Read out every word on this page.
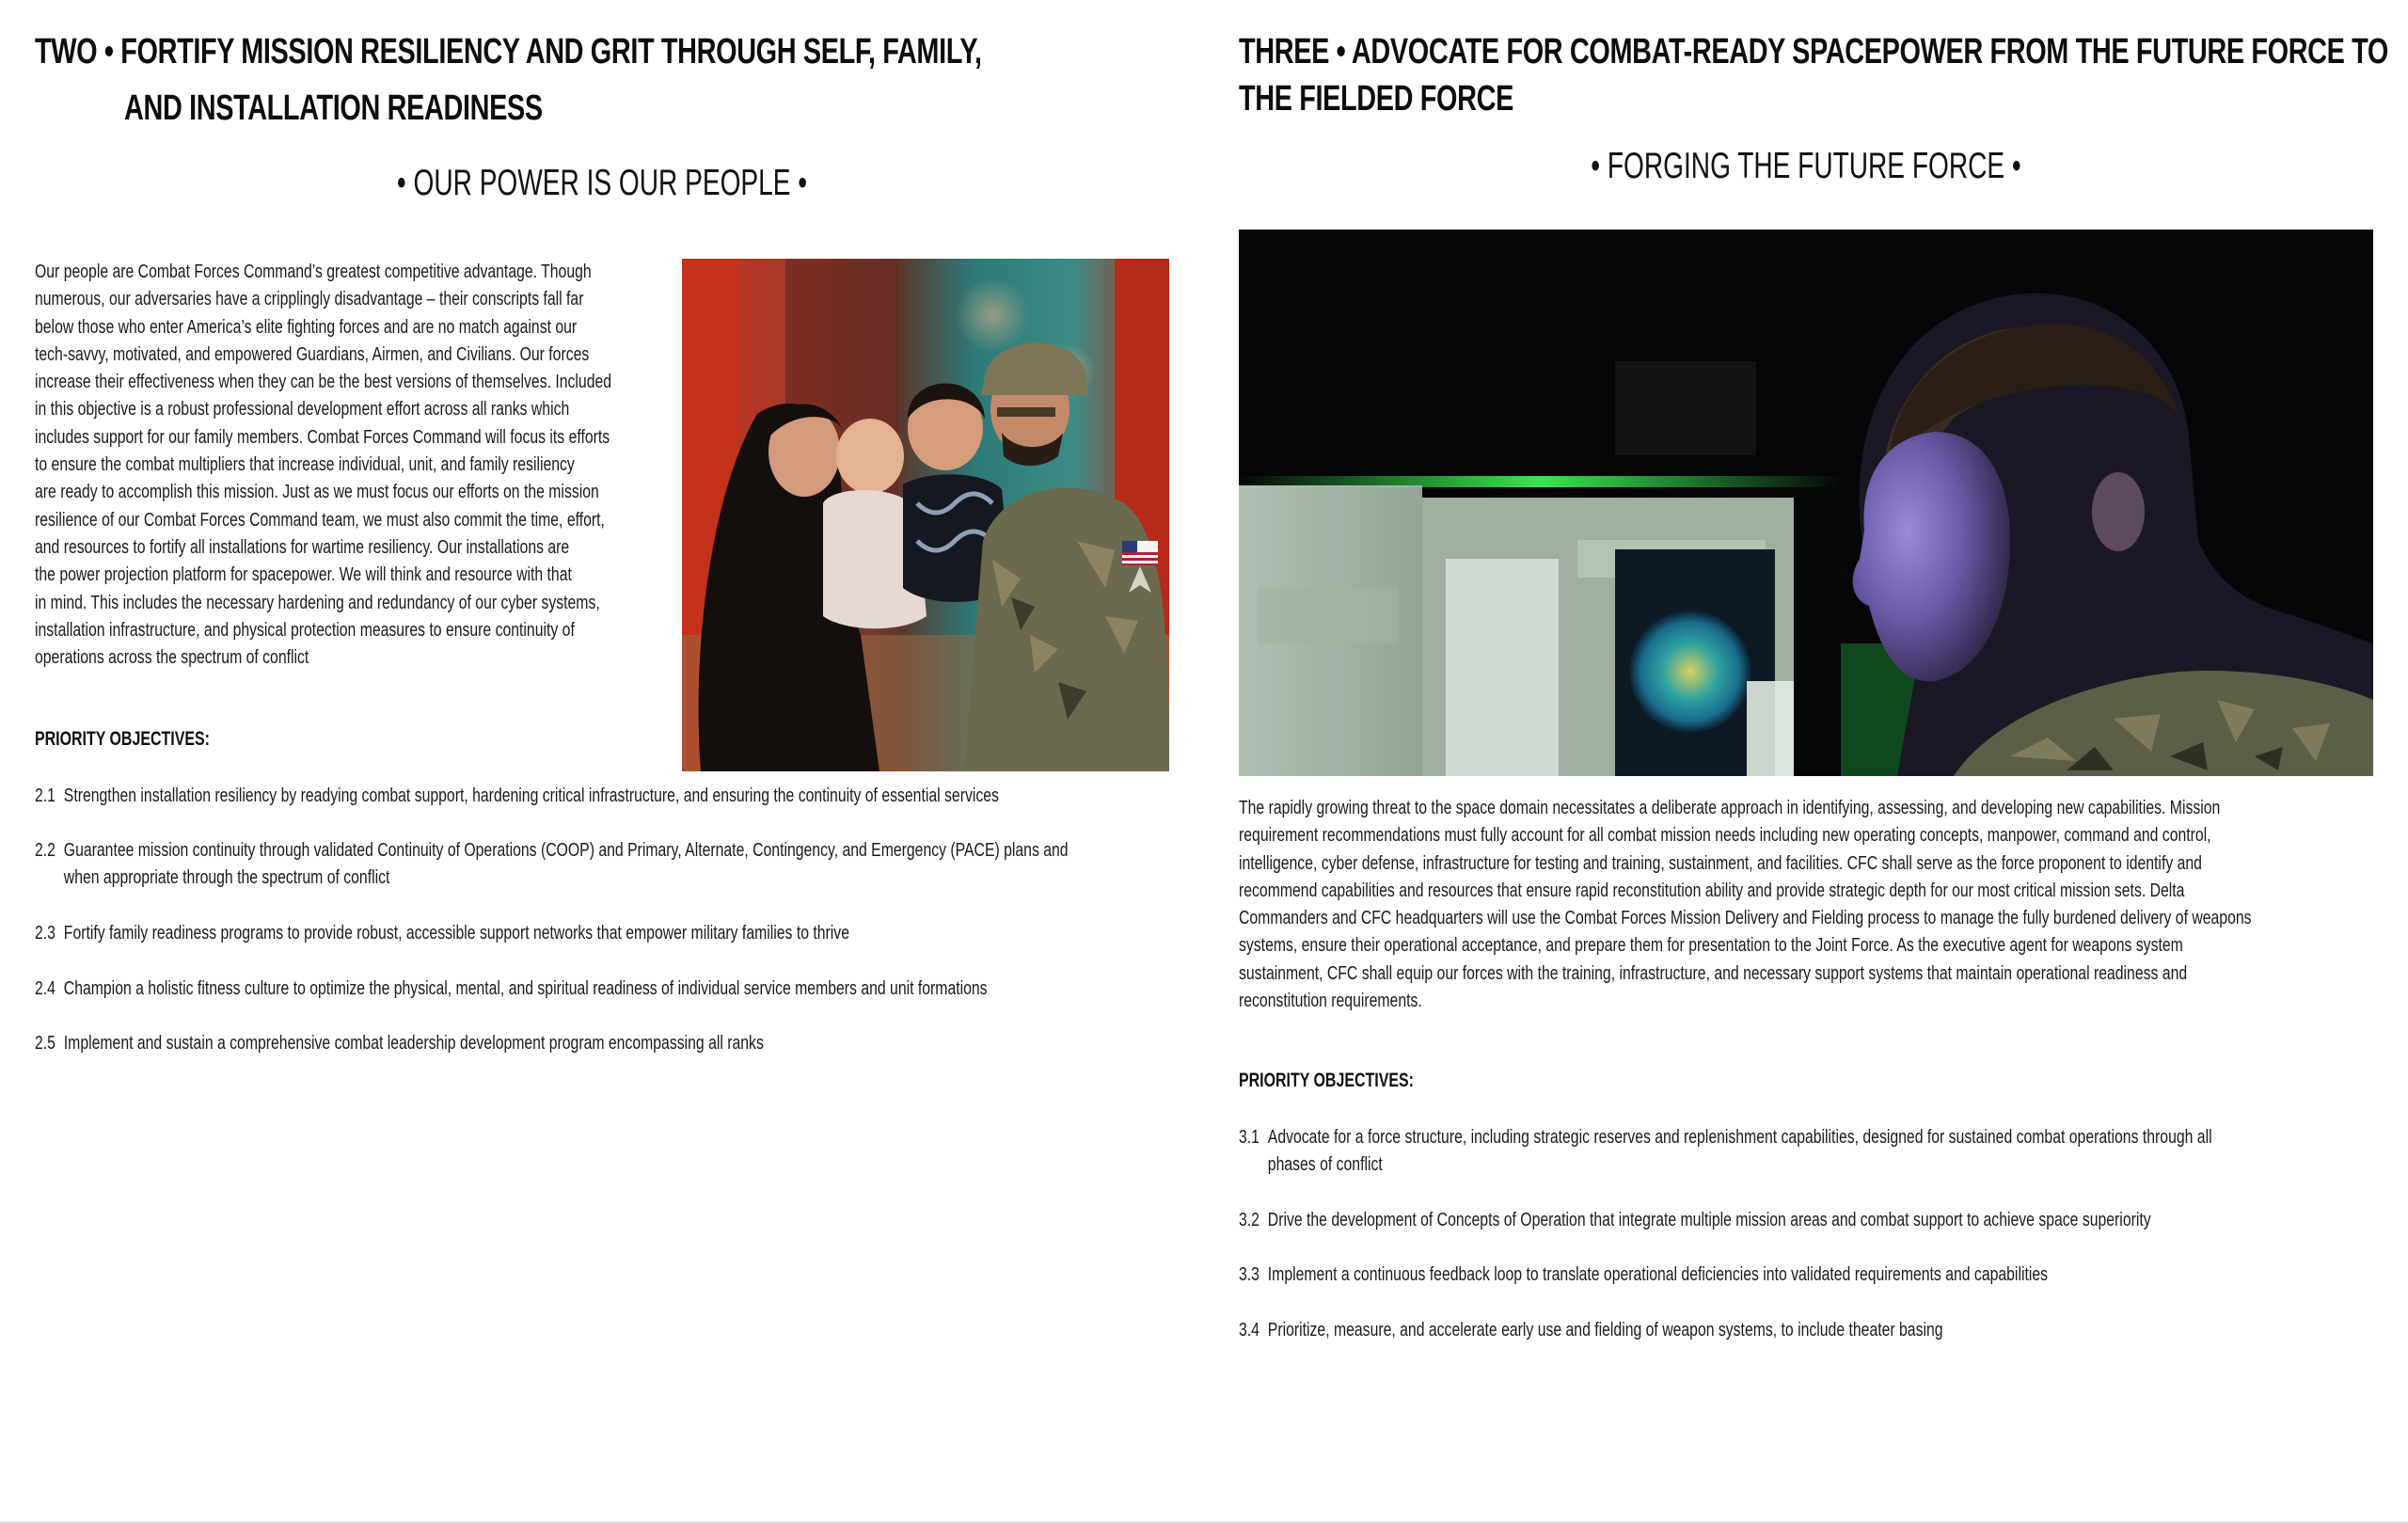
TWO • FORTIFY MISSION RESILIENCY AND GRIT THROUGH SELF, FAMILY,
AND INSTALLATION READINESS
• OUR POWER IS OUR PEOPLE •
Our people are Combat Forces Command’s greatest competitive advantage. Though
numerous, our adversaries have a cripplingly disadvantage – their conscripts fall far
below those who enter America’s elite fighting forces and are no match against our
tech-savvy, motivated, and empowered Guardians, Airmen, and Civilians. Our forces
increase their effectiveness when they can be the best versions of themselves. Included
in this objective is a robust professional development effort across all ranks which
includes support for our family members. Combat Forces Command will focus its efforts
to ensure the combat multipliers that increase individual, unit, and family resiliency
are ready to accomplish this mission. Just as we must focus our efforts on the mission
resilience of our Combat Forces Command team, we must also commit the time, effort,
and resources to fortify all installations for wartime resiliency. Our installations are
the power projection platform for spacepower. We will think and resource with that
in mind. This includes the necessary hardening and redundancy of our cyber systems,
installation infrastructure, and physical protection measures to ensure continuity of
operations across the spectrum of conflict
PRIORITY OBJECTIVES:
2.1 Strengthen installation resiliency by readying combat support, hardening critical infrastructure, and ensuring the continuity of essential services
2.2 Guarantee mission continuity through validated Continuity of Operations (COOP) and Primary, Alternate, Contingency, and Emergency (PACE) plans and
when appropriate through the spectrum of conflict
2.3 Fortify family readiness programs to provide robust, accessible support networks that empower military families to thrive
2.4 Champion a holistic fitness culture to optimize the physical, mental, and spiritual readiness of individual service members and unit formations
2.5 Implement and sustain a comprehensive combat leadership development program encompassing all ranks
THREE • ADVOCATE FOR COMBAT-READY SPACEPOWER FROM THE FUTURE FORCE TO
THE FIELDED FORCE
• FORGING THE FUTURE FORCE •
The rapidly growing threat to the space domain necessitates a deliberate approach in identifying, assessing, and developing new capabilities. Mission
requirement recommendations must fully account for all combat mission needs including new operating concepts, manpower, command and control,
intelligence, cyber defense, infrastructure for testing and training, sustainment, and facilities. CFC shall serve as the force proponent to identify and
recommend capabilities and resources that ensure rapid reconstitution ability and provide strategic depth for our most critical mission sets. Delta
Commanders and CFC headquarters will use the Combat Forces Mission Delivery and Fielding process to manage the fully burdened delivery of weapons
systems, ensure their operational acceptance, and prepare them for presentation to the Joint Force. As the executive agent for weapons system
sustainment, CFC shall equip our forces with the training, infrastructure, and necessary support systems that maintain operational readiness and
reconstitution requirements.
PRIORITY OBJECTIVES:
3.1 Advocate for a force structure, including strategic reserves and replenishment capabilities, designed for sustained combat operations through all
phases of conflict
3.2 Drive the development of Concepts of Operation that integrate multiple mission areas and combat support to achieve space superiority
3.3 Implement a continuous feedback loop to translate operational deficiencies into validated requirements and capabilities
3.4 Prioritize, measure, and accelerate early use and fielding of weapon systems, to include theater basing
